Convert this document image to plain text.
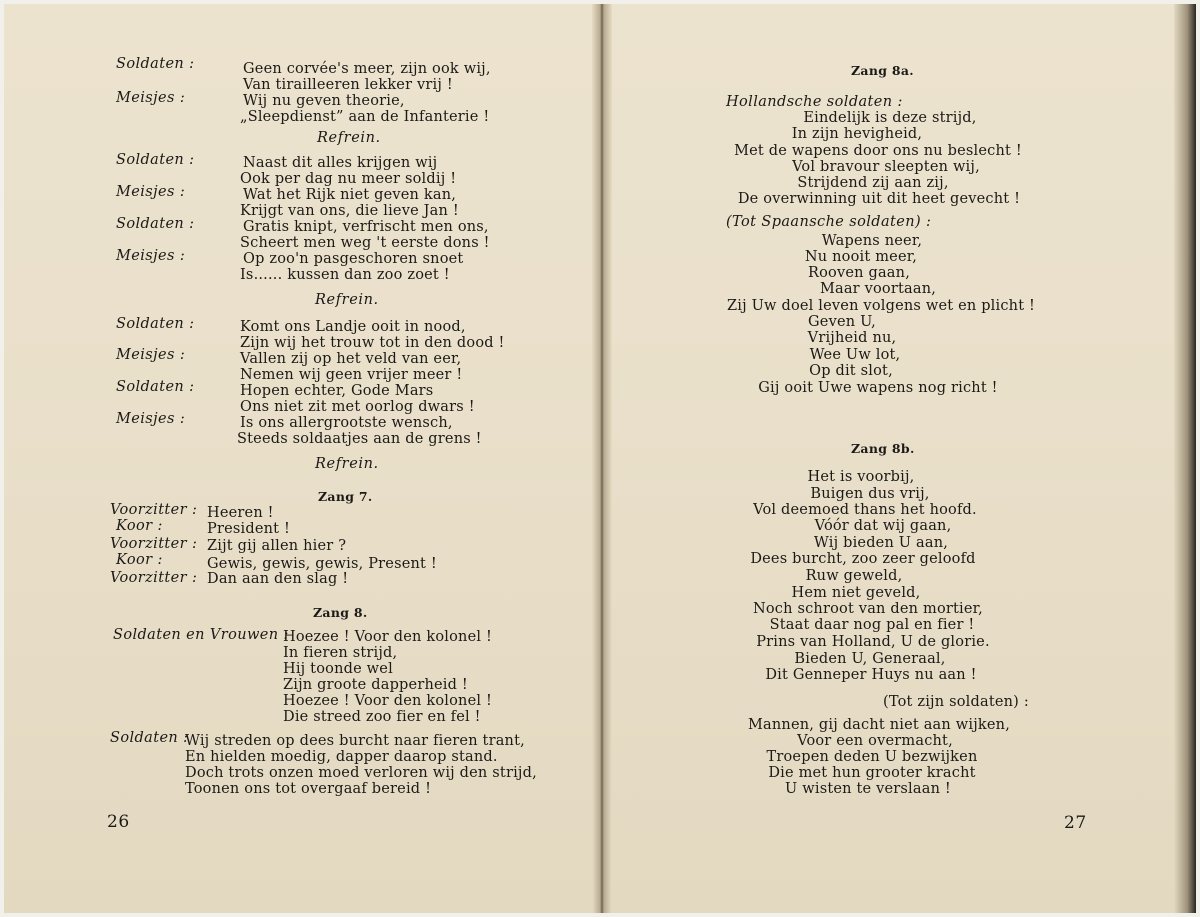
Soldaten :	Geen corvée's meer, zijn ook wij,
Van tirailleeren lekker vrij !
Meisjes :	Wij nu geven theorie,
„Sleepdienst” aan de Infanterie !
Refrein.
Soldaten :	Naast dit alles krijgen wij
Ook per dag nu meer soldij !
Meisjes :	Wat het Rijk niet geven kan,
Krijgt van ons, die lieve Jan !
Soldaten :	Gratis knipt, verfrischt men ons,
Scheert men weg 't eerste dons !
Meisjes :	Op zoo'n pasgeschoren snoet
Is...... kussen dan zoo zoet !
Refrein.
Soldaten :	Komt ons Landje ooit in nood,
Zijn wij het trouw tot in den dood !
Meisjes :	Vallen zij op het veld van eer,
Nemen wij geen vrijer meer !
Soldaten :	Hopen echter, Gode Mars
Ons niet zit met oorlog dwars !
Meisjes :	Is ons allergrootste wensch,
Steeds soldaatjes aan de grens !
Refrein.
Zang 7.
Voorzitter : Heeren !
Koor :	President !
Voorzitter : Zijt gij allen hier ?
Koor :	Gewis, gewis, gewis, Present !
Voorzitter : Dan aan den slag !
Zang 8.
Soldaten en Vrouwen :
Hoezee ! Voor den kolonel !
In fieren strijd,
Hij toonde wel
Zijn groote dapperheid !
Hoezee ! Voor den kolonel !
Die streed zoo fier en fel !
Soldaten :
Wij streden op dees burcht naar fieren trant,
En hielden moedig, dapper daarop stand.
Doch trots onzen moed verloren wij den strijd,
Toonen ons tot overgaaf bereid !
26
Zang 8a.
Hollandsche soldaten :
Eindelijk is deze strijd,
In zijn hevigheid,
Met de wapens door ons nu beslecht !
Vol bravour sleepten wij,
Strijdend zij aan zij,
De overwinning uit dit heet gevecht !
(Tot Spaansche soldaten) :
Wapens neer,
Nu nooit meer,
Rooven gaan,
Maar voortaan,
Zij Uw doel leven volgens wet en plicht !
Geven U,
Vrijheid nu,
Wee Uw lot,
Op dit slot,
Gij ooit Uwe wapens nog richt !
Zang 8b.
Het is voorbij,
Buigen dus vrij,
Vol deemoed thans het hoofd.
Vóór dat wij gaan,
Wij bieden U aan,
Dees burcht, zoo zeer geloofd
Ruw geweld,
Hem niet geveld,
Noch schroot van den mortier,
Staat daar nog pal en fier !
Prins van Holland, U de glorie.
Bieden U, Generaal,
Dit Genneper Huys nu aan !
(Tot zijn soldaten) :
Mannen, gij dacht niet aan wijken,
Voor een overmacht,
Troepen deden U bezwijken
Die met hun grooter kracht
U wisten te verslaan !
27
